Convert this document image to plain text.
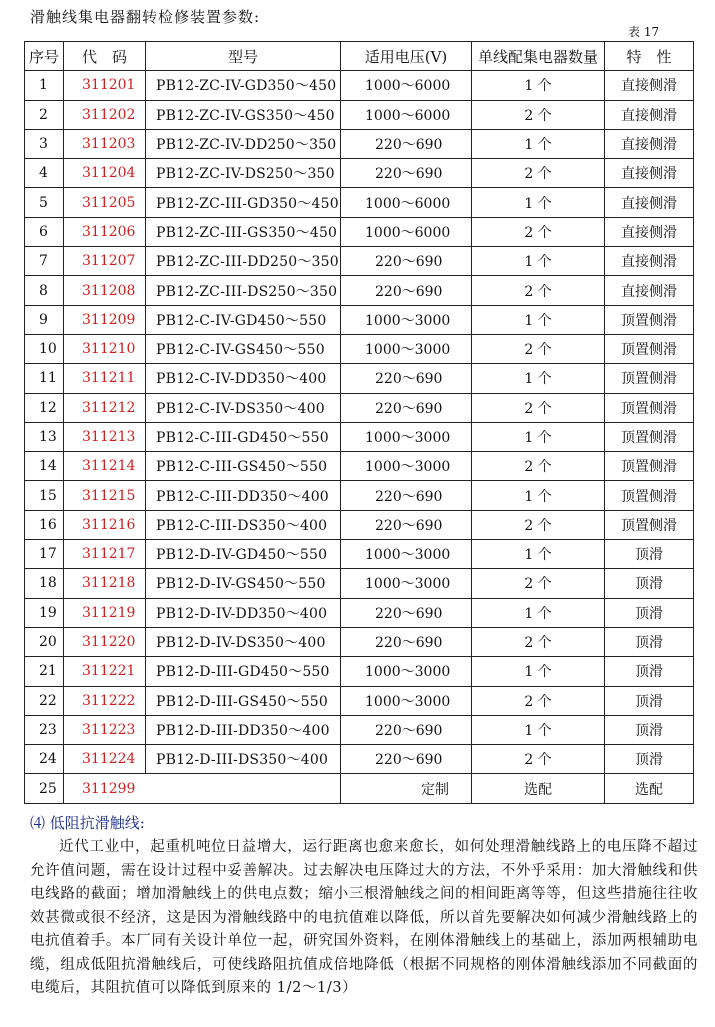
滑触线集电器翻转检修装置参数:
表 17
序号	代　码	型号	适用电压(V)	单线配集电器数量	特　性
1	311201	PB12-ZC-IV-GD350～450	1000～6000	1 个	直接侧滑
2	311202	PB12-ZC-IV-GS350～450	1000～6000	2 个	直接侧滑
3	311203	PB12-ZC-IV-DD250～350	220～690	1 个	直接侧滑
4	311204	PB12-ZC-IV-DS250～350	220～690	2 个	直接侧滑
5	311205	PB12-ZC-III-GD350～450	1000～6000	1 个	直接侧滑
6	311206	PB12-ZC-III-GS350～450	1000～6000	2 个	直接侧滑
7	311207	PB12-ZC-III-DD250～350	220～690	1 个	直接侧滑
8	311208	PB12-ZC-III-DS250～350	220～690	2 个	直接侧滑
9	311209	PB12-C-IV-GD450～550	1000～3000	1 个	顶置侧滑
10	311210	PB12-C-IV-GS450～550	1000～3000	2 个	顶置侧滑
11	311211	PB12-C-IV-DD350～400	220～690	1 个	顶置侧滑
12	311212	PB12-C-IV-DS350～400	220～690	2 个	顶置侧滑
13	311213	PB12-C-III-GD450～550	1000～3000	1 个	顶置侧滑
14	311214	PB12-C-III-GS450～550	1000～3000	2 个	顶置侧滑
15	311215	PB12-C-III-DD350～400	220～690	1 个	顶置侧滑
16	311216	PB12-C-III-DS350～400	220～690	2 个	顶置侧滑
17	311217	PB12-D-IV-GD450～550	1000～3000	1 个	顶滑
18	311218	PB12-D-IV-GS450～550	1000～3000	2 个	顶滑
19	311219	PB12-D-IV-DD350～400	220～690	1 个	顶滑
20	311220	PB12-D-IV-DS350～400	220～690	2 个	顶滑
21	311221	PB12-D-III-GD450～550	1000～3000	1 个	顶滑
22	311222	PB12-D-III-GS450～550	1000～3000	2 个	顶滑
23	311223	PB12-D-III-DD350～400	220～690	1 个	顶滑
24	311224	PB12-D-III-DS350～400	220～690	2 个	顶滑
25	311299		定制	选配	选配
⑷ 低阻抗滑触线:
近代工业中，起重机吨位日益增大，运行距离也愈来愈长，如何处理滑触线路上的电压降不超过允许值问题，需在设计过程中妥善解决。过去解决电压降过大的方法，不外乎采用：加大滑触线和供电线路的截面；增加滑触线上的供电点数；缩小三根滑触线之间的相间距离等等，但这些措施往往收效甚微或很不经济，这是因为滑触线路中的电抗值难以降低，所以首先要解决如何减少滑触线路上的电抗值着手。本厂同有关设计单位一起，研究国外资料，在刚体滑触线上的基础上，添加两根辅助电缆，组成低阻抗滑触线后，可使线路阻抗值成倍地降低（根据不同规格的刚体滑触线添加不同截面的电缆后，其阻抗值可以降低到原来的 1/2～1/3）
